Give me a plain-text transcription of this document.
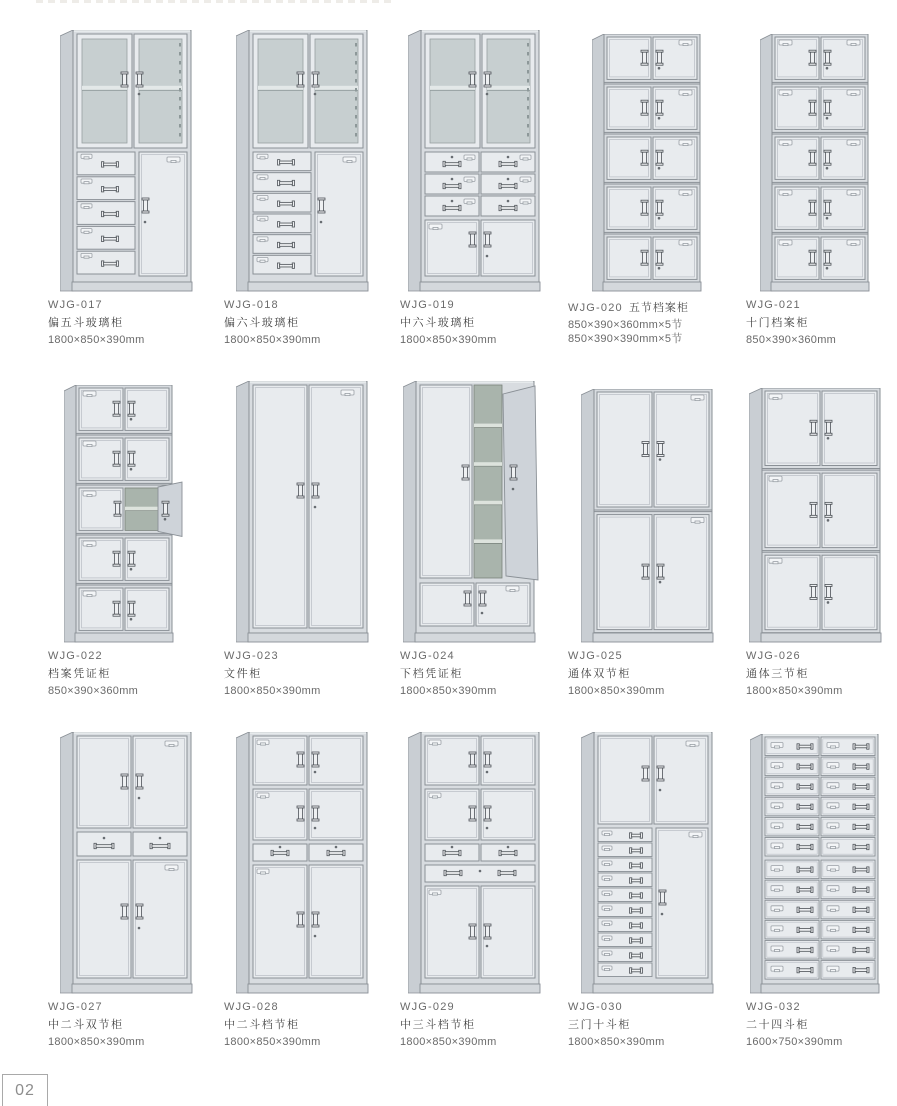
WJG-017
偏五斗玻璃柜
1800×850×390mm
WJG-018
偏六斗玻璃柜
1800×850×390mm
WJG-019
中六斗玻璃柜
1800×850×390mm
WJG-020 五节档案柜
850×390×360mm×5节
850×390×390mm×5节
WJG-021
十门档案柜
850×390×360mm
WJG-022
档案凭证柜
850×390×360mm
WJG-023
文件柜
1800×850×390mm
WJG-024
下档凭证柜
1800×850×390mm
WJG-025
通体双节柜
1800×850×390mm
WJG-026
通体三节柜
1800×850×390mm
WJG-027
中二斗双节柜
1800×850×390mm
WJG-028
中二斗档节柜
1800×850×390mm
WJG-029
中三斗档节柜
1800×850×390mm
WJG-030
三门十斗柜
1800×850×390mm
WJG-032
二十四斗柜
1600×750×390mm
02
